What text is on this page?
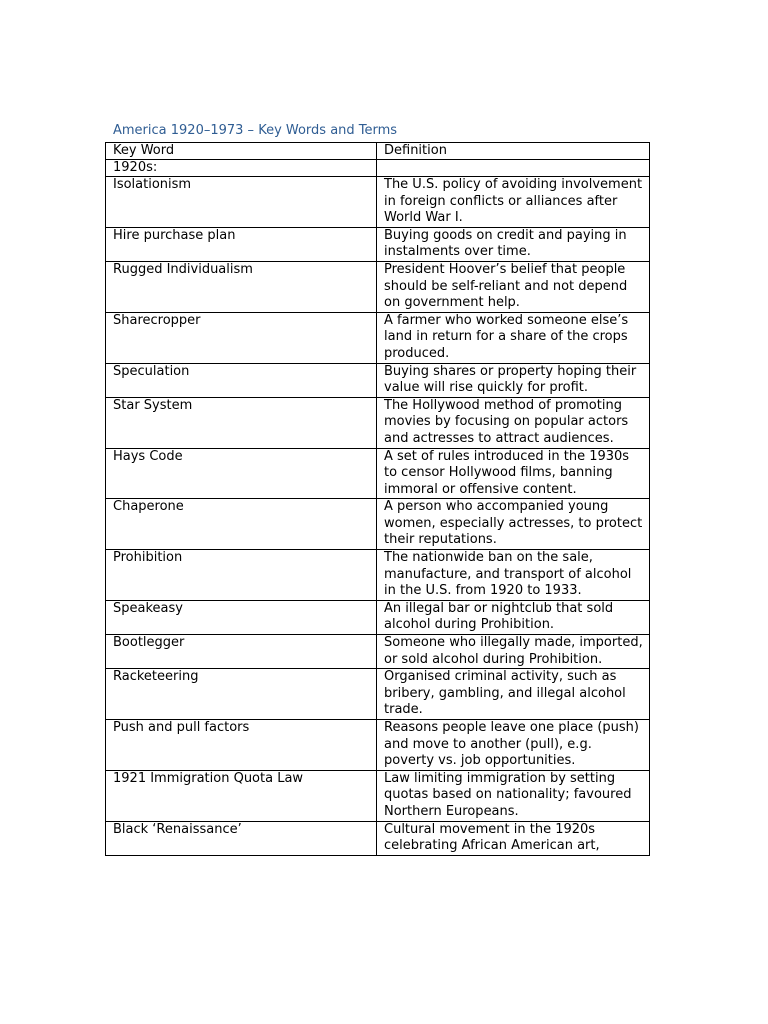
America 1920–1973 – Key Words and Terms
Key Word	Definition
1920s:	
Isolationism	The U.S. policy of avoiding involvement in foreign conflicts or alliances after World War I.
Hire purchase plan	Buying goods on credit and paying in instalments over time.
Rugged Individualism	President Hoover’s belief that people should be self-reliant and not depend on government help.
Sharecropper	A farmer who worked someone else’s land in return for a share of the crops produced.
Speculation	Buying shares or property hoping their value will rise quickly for profit.
Star System	The Hollywood method of promoting movies by focusing on popular actors and actresses to attract audiences.
Hays Code	A set of rules introduced in the 1930s to censor Hollywood films, banning immoral or offensive content.
Chaperone	A person who accompanied young women, especially actresses, to protect their reputations.
Prohibition	The nationwide ban on the sale, manufacture, and transport of alcohol in the U.S. from 1920 to 1933.
Speakeasy	An illegal bar or nightclub that sold alcohol during Prohibition.
Bootlegger	Someone who illegally made, imported, or sold alcohol during Prohibition.
Racketeering	Organised criminal activity, such as bribery, gambling, and illegal alcohol trade.
Push and pull factors	Reasons people leave one place (push) and move to another (pull), e.g. poverty vs. job opportunities.
1921 Immigration Quota Law	Law limiting immigration by setting quotas based on nationality; favoured Northern Europeans.
Black ‘Renaissance’	Cultural movement in the 1920s celebrating African American art,
